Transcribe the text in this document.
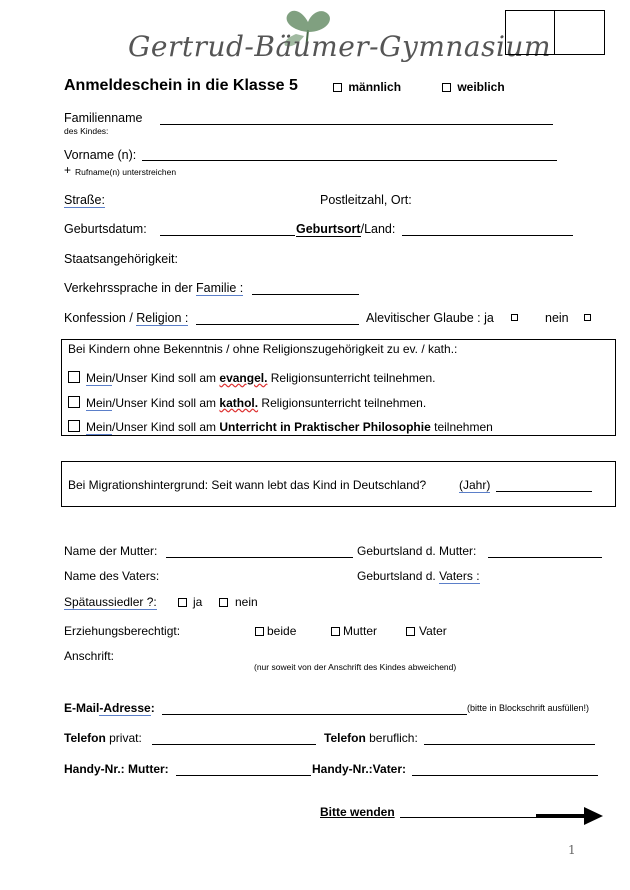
Gertrud-Bäumer-Gymnasium
Anmeldeschein in die Klasse 5	männlich	weiblich
Familienname
des Kindes:
Vorname (n):
+ Rufname(n) unterstreichen
Straße:	Postleitzahl, Ort:
Geburtsdatum:	Geburtsort/Land:
Staatsangehörigkeit:
Verkehrssprache in der Familie :
Konfession / Religion :	Alevitischer Glaube : ja	nein
Bei Kindern ohne Bekenntnis / ohne Religionszugehörigkeit zu ev. / kath.:
Mein/Unser Kind soll am evangel. Religionsunterricht teilnehmen.
Mein/Unser Kind soll am kathol. Religionsunterricht teilnehmen.
Mein/Unser Kind soll am Unterricht in Praktischer Philosophie teilnehmen
Bei Migrationshintergrund: Seit wann lebt das Kind in Deutschland?	(Jahr)
Name der Mutter:	Geburtsland d. Mutter:
Name des Vaters:	Geburtsland d. Vaters :
Spätaussiedler ?:	ja	nein
Erziehungsberechtigt:	beide	Mutter	Vater
Anschrift:
(nur soweit von der Anschrift des Kindes abweichend)
E-Mail-Adresse:	(bitte in Blockschrift ausfüllen!)
Telefon privat:	Telefon beruflich:
Handy-Nr.: Mutter:	Handy-Nr.:Vater:
Bitte wenden
1
